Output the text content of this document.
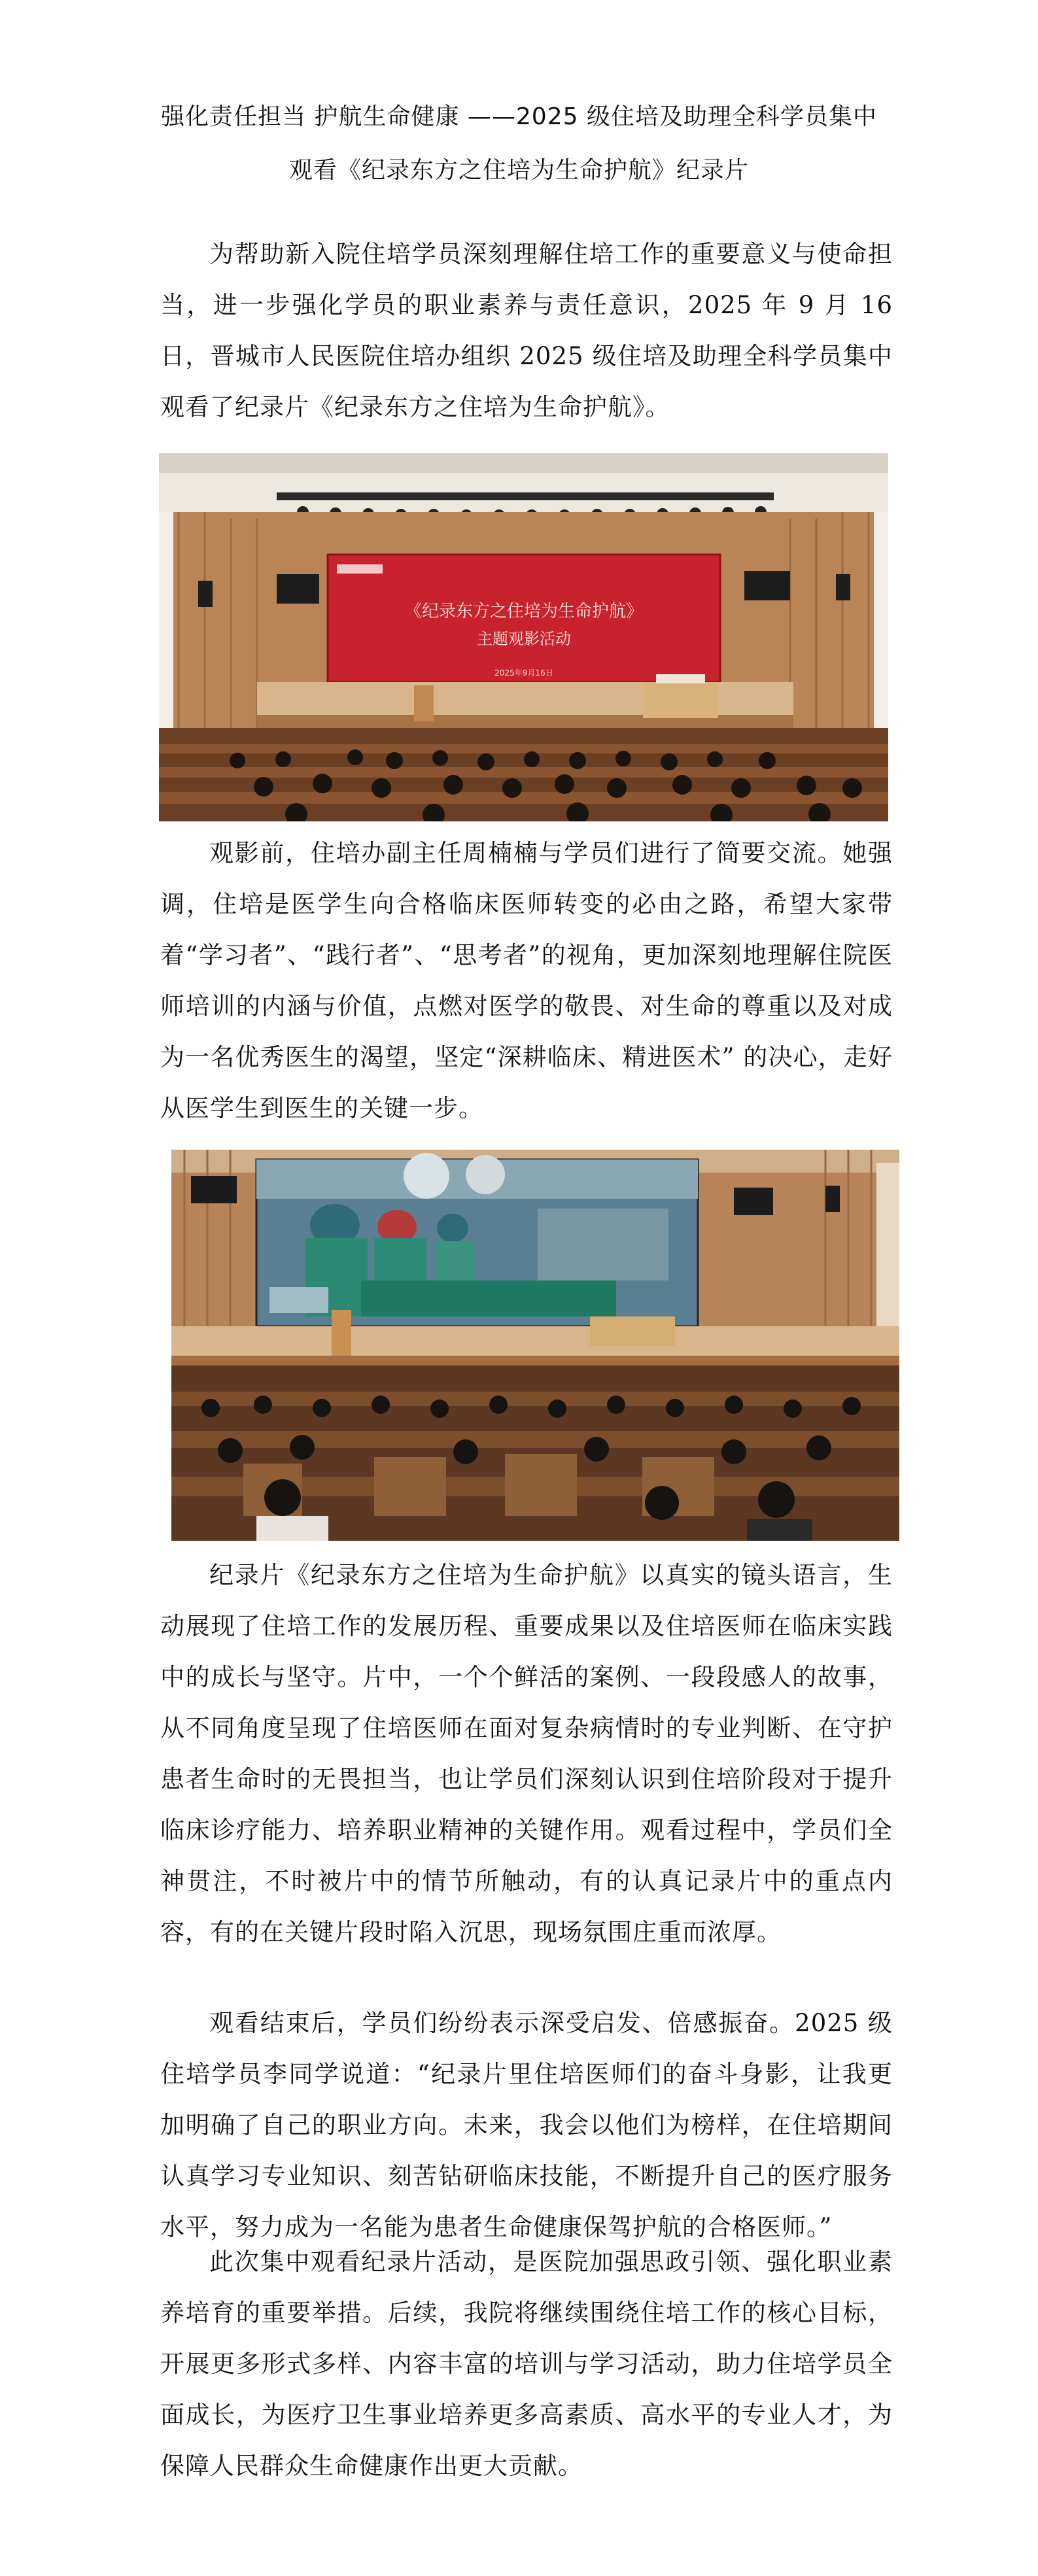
强化责任担当 护航生命健康 ——2025 级住培及助理全科学员集中
观看《纪录东方之住培为生命护航》纪录片

为帮助新入院住培学员深刻理解住培工作的重要意义与使命担当，进一步强化学员的职业素养与责任意识，2025 年 9 月 16 日，晋城市人民医院住培办组织 2025 级住培及助理全科学员集中观看了纪录片《纪录东方之住培为生命护航》。

《纪录东方之住培为生命护航》
主题观影活动
2025年9月16日

观影前，住培办副主任周楠楠与学员们进行了简要交流。她强调，住培是医学生向合格临床医师转变的必由之路，希望大家带着“学习者”、“践行者”、“思考者”的视角，更加深刻地理解住院医师培训的内涵与价值，点燃对医学的敬畏、对生命的尊重以及对成为一名优秀医生的渴望，坚定“深耕临床、精进医术” 的决心，走好从医学生到医生的关键一步。

纪录片《纪录东方之住培为生命护航》以真实的镜头语言，生动展现了住培工作的发展历程、重要成果以及住培医师在临床实践中的成长与坚守。片中，一个个鲜活的案例、一段段感人的故事，从不同角度呈现了住培医师在面对复杂病情时的专业判断、在守护患者生命时的无畏担当，也让学员们深刻认识到住培阶段对于提升临床诊疗能力、培养职业精神的关键作用。观看过程中，学员们全神贯注，不时被片中的情节所触动，有的认真记录片中的重点内容，有的在关键片段时陷入沉思，现场氛围庄重而浓厚。

观看结束后，学员们纷纷表示深受启发、倍感振奋。2025 级住培学员李同学说道：“纪录片里住培医师们的奋斗身影，让我更加明确了自己的职业方向。未来，我会以他们为榜样，在住培期间认真学习专业知识、刻苦钻研临床技能，不断提升自己的医疗服务水平，努力成为一名能为患者生命健康保驾护航的合格医师。”

此次集中观看纪录片活动，是医院加强思政引领、强化职业素养培育的重要举措。后续，我院将继续围绕住培工作的核心目标，开展更多形式多样、内容丰富的培训与学习活动，助力住培学员全面成长，为医疗卫生事业培养更多高素质、高水平的专业人才，为保障人民群众生命健康作出更大贡献。
